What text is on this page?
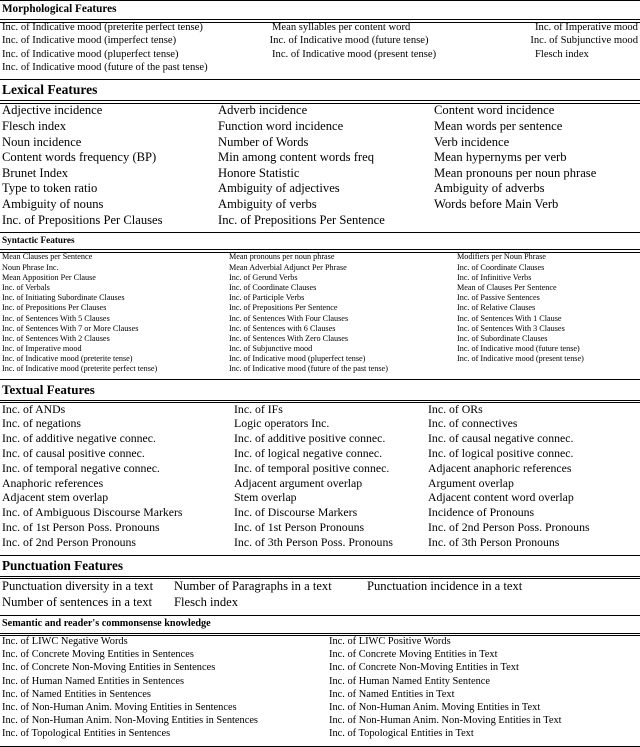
Morphological Features
Inc. of Indicative mood (preterite perfect tense)	Mean syllables per content word	Inc. of Imperative mood
Inc. of Indicative mood (imperfect tense)	Inc. of Indicative mood (future tense)	Inc. of Subjunctive mood
Inc. of Indicative mood (pluperfect tense)	Inc. of Indicative mood (present tense)	Flesch index
Inc. of Indicative mood (future of the past tense)
Lexical Features
Adjective incidence	Adverb incidence	Content word incidence
Flesch index	Function word incidence	Mean words per sentence
Noun incidence	Number of Words	Verb incidence
Content words frequency (BP)	Min among content words freq	Mean hypernyms per verb
Brunet Index	Honore Statistic	Mean pronouns per noun phrase
Type to token ratio	Ambiguity of adjectives	Ambiguity of adverbs
Ambiguity of nouns	Ambiguity of verbs	Words before Main Verb
Inc. of Prepositions Per Clauses	Inc. of Prepositions Per Sentence
Syntactic Features
Mean Clauses per Sentence	Mean pronouns per noun phrase	Modifiers per Noun Phrase
Noun Phrase Inc.	Mean Adverbial Adjunct Per Phrase	Inc. of Coordinate Clauses
Mean Apposition Per Clause	Inc. of Gerund Verbs	Inc. of Infinitive Verbs
Inc. of Verbals	Inc. of Coordinate Clauses	Mean of Clauses Per Sentence
Inc. of Initiating Subordinate Clauses	Inc. of Participle Verbs	Inc. of Passive Sentences
Inc. of Prepositions Per Clauses	Inc. of Prepositions Per Sentence	Inc. of Relative Clauses
Inc. of Sentences With 5 Clauses	Inc. of Sentences With Four Clauses	Inc. of Sentences With 1 Clause
Inc. of Sentences With 7 or More Clauses	Inc. of Sentences with 6 Clauses	Inc. of Sentences With 3 Clauses
Inc. of Sentences With 2 Clauses	Inc. of Sentences With Zero Clauses	Inc. of Subordinate Clauses
Inc. of Imperative mood	Inc. of Subjunctive mood	Inc. of Indicative mood (future tense)
Inc. of Indicative mood (preterite tense)	Inc. of Indicative mood (pluperfect tense)	Inc. of Indicative mood (present tense)
Inc. of Indicative mood (preterite perfect tense)	Inc. of Indicative mood (future of the past tense)
Textual Features
Inc. of ANDs	Inc. of IFs	Inc. of ORs
Inc. of negations	Logic operators Inc.	Inc. of connectives
Inc. of additive negative connec.	Inc. of additive positive connec.	Inc. of causal negative connec.
Inc. of causal positive connec.	Inc. of logical negative connec.	Inc. of logical positive connec.
Inc. of temporal negative connec.	Inc. of temporal positive connec.	Adjacent anaphoric references
Anaphoric references	Adjacent argument overlap	Argument overlap
Adjacent stem overlap	Stem overlap	Adjacent content word overlap
Inc. of Ambiguous Discourse Markers	Inc. of Discourse Markers	Incidence of Pronouns
Inc. of 1st Person Poss. Pronouns	Inc. of 1st Person Pronouns	Inc. of 2nd Person Poss. Pronouns
Inc. of 2nd Person Pronouns	Inc. of 3th Person Poss. Pronouns	Inc. of 3th Person Pronouns
Punctuation Features
Punctuation diversity in a text	Number of Paragraphs in a text	Punctuation incidence in a text
Number of sentences in a text	Flesch index
Semantic and reader's commonsense knowledge
Inc. of LIWC Negative Words	Inc. of LIWC Positive Words
Inc. of Concrete Moving Entities in Sentences	Inc. of Concrete Moving Entities in Text
Inc. of Concrete Non-Moving Entities in Sentences	Inc. of Concrete Non-Moving Entities in Text
Inc. of Human Named Entities in Sentences	Inc. of Human Named Entity Sentence
Inc. of Named Entities in Sentences	Inc. of Named Entities in Text
Inc. of Non-Human Anim. Moving Entities in Sentences	Inc. of Non-Human Anim. Moving Entities in Text
Inc. of Non-Human Anim. Non-Moving Entities in Sentences	Inc. of Non-Human Anim. Non-Moving Entities in Text
Inc. of Topological Entities in Sentences	Inc. of Topological Entities in Text
